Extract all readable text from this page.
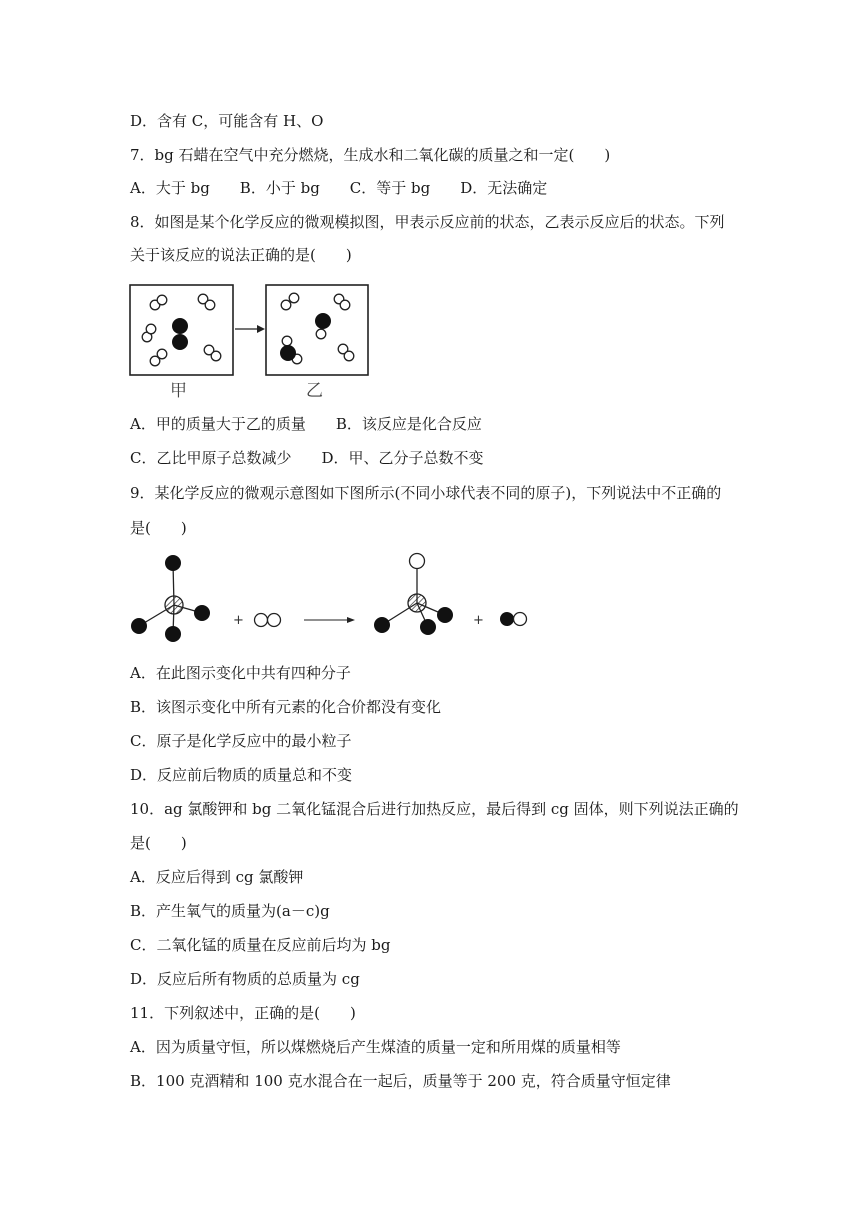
D．含有 C，可能含有 H、O
7．bg 石蜡在空气中充分燃烧，生成水和二氧化碳的质量之和一定(　　)
A．大于 bg　　B．小于 bg　　C．等于 bg　　D．无法确定
8．如图是某个化学反应的微观模拟图，甲表示反应前的状态，乙表示反应后的状态。下列
关于该反应的说法正确的是(　　)
甲	乙
A．甲的质量大于乙的质量　　B．该反应是化合反应
C．乙比甲原子总数减少　　D．甲、乙分子总数不变
9．某化学反应的微观示意图如下图所示(不同小球代表不同的原子)，下列说法中不正确的
是(　　)
+	+
A．在此图示变化中共有四种分子
B．该图示变化中所有元素的化合价都没有变化
C．原子是化学反应中的最小粒子
D．反应前后物质的质量总和不变
10．ag 氯酸钾和 bg 二氧化锰混合后进行加热反应，最后得到 cg 固体，则下列说法正确的
是(　　)
A．反应后得到 cg 氯酸钾
B．产生氧气的质量为(a－c)g
C．二氧化锰的质量在反应前后均为 bg
D．反应后所有物质的总质量为 cg
11．下列叙述中，正确的是(　　)
A．因为质量守恒，所以煤燃烧后产生煤渣的质量一定和所用煤的质量相等
B．100 克酒精和 100 克水混合在一起后，质量等于 200 克，符合质量守恒定律
